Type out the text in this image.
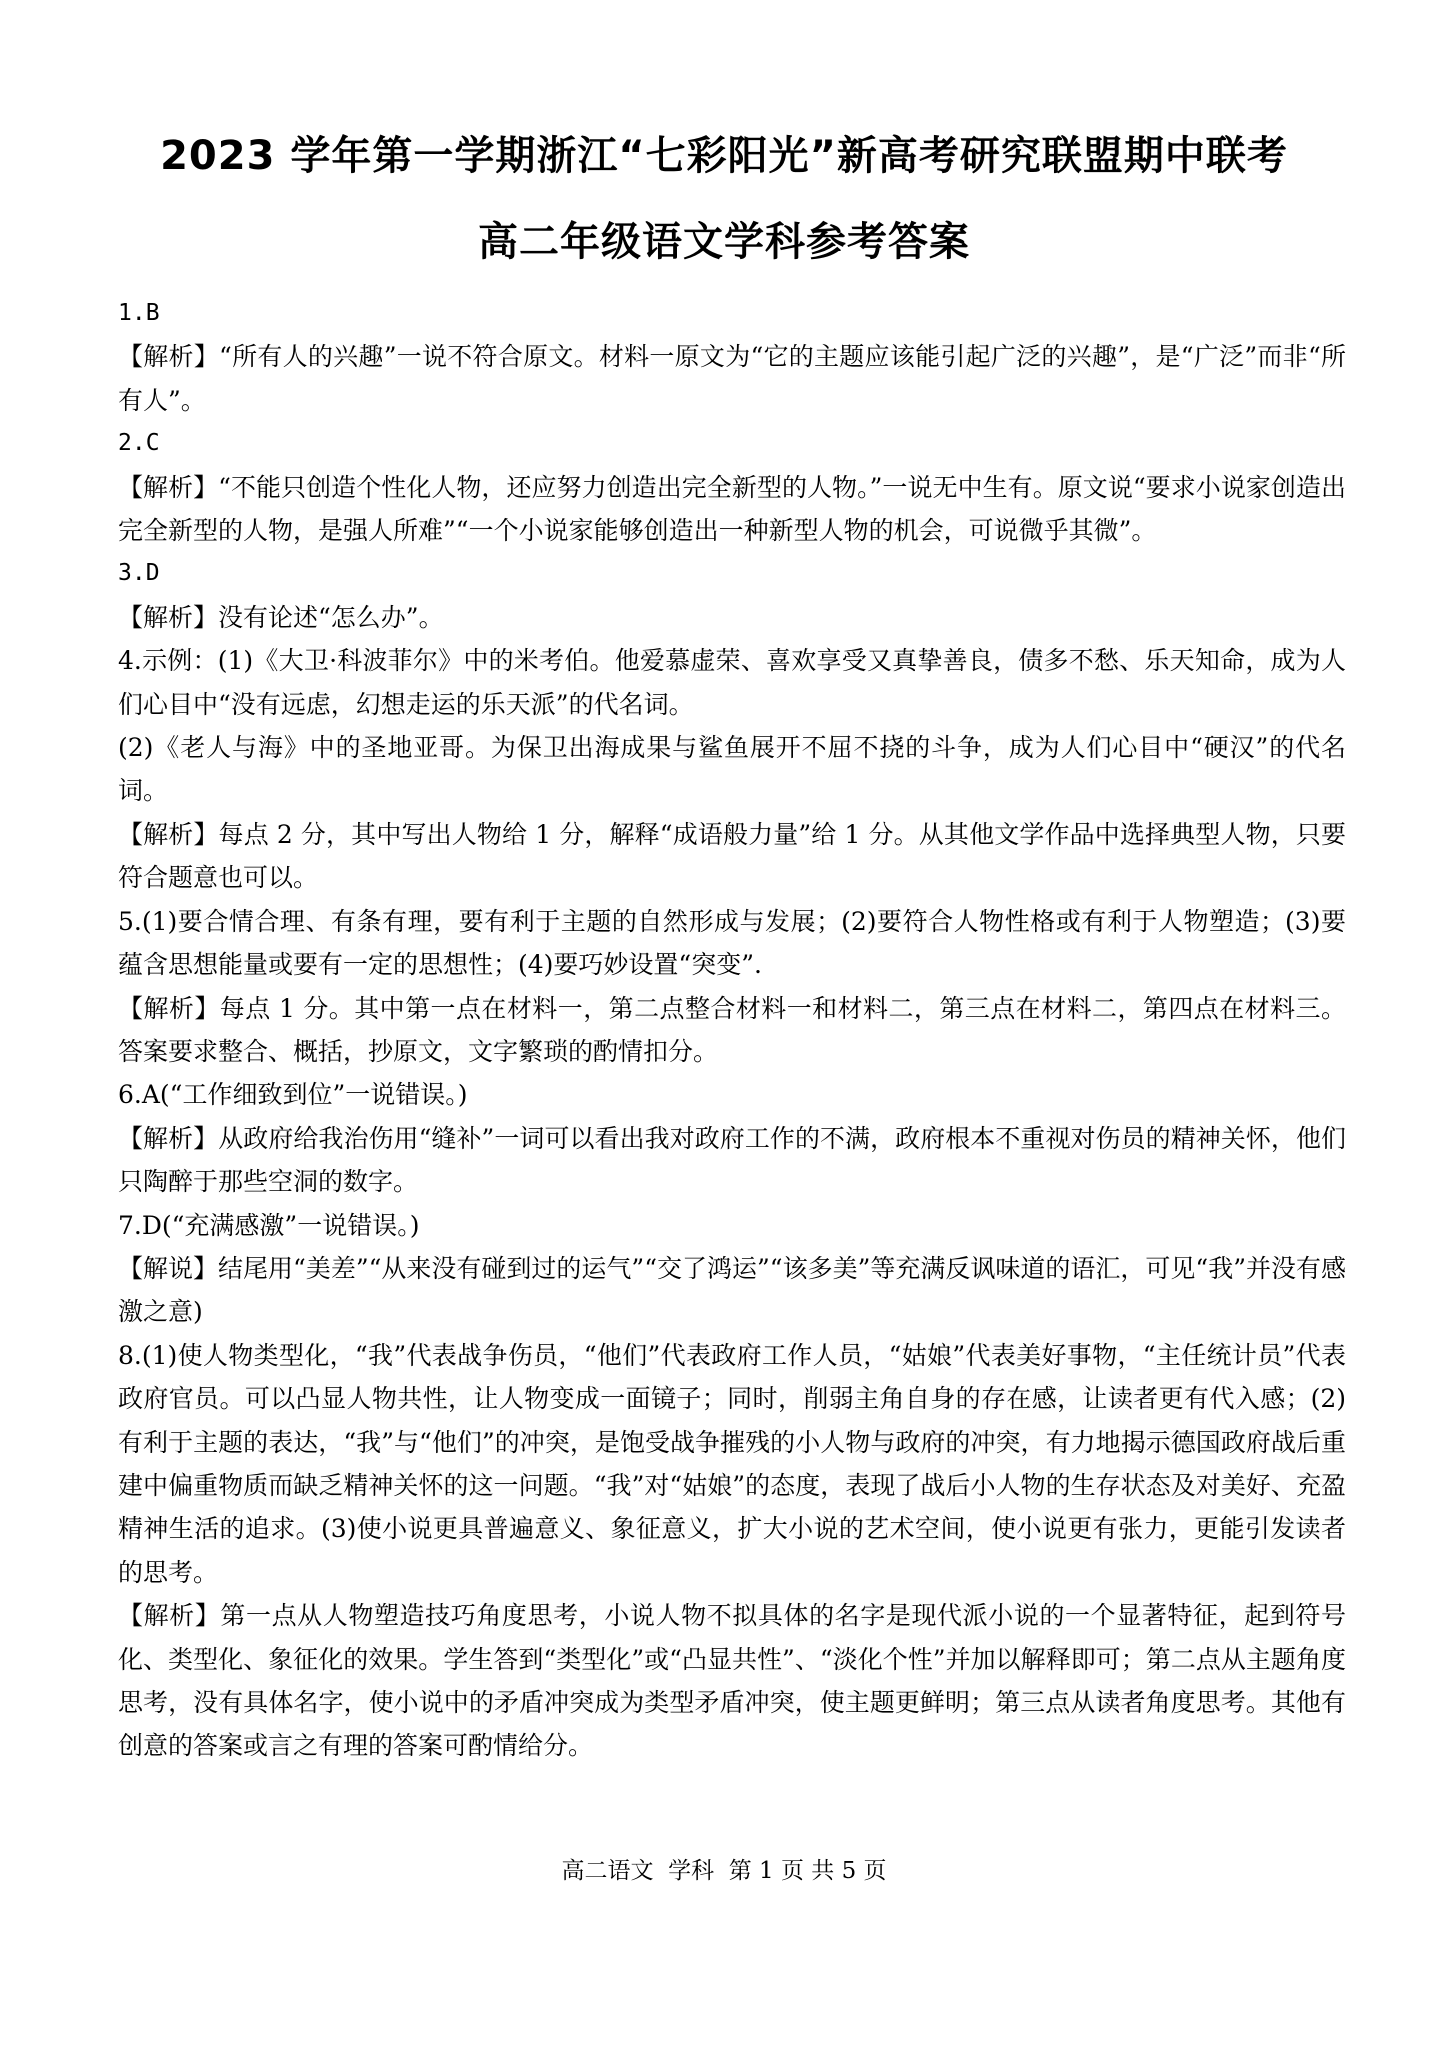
2023 学年第一学期浙江“七彩阳光”新高考研究联盟期中联考
高二年级语文学科参考答案

1.B

【解析】“所有人的兴趣”一说不符合原文。材料一原文为“它的主题应该能引起广泛的兴趣”，是“广泛”而非“所有人”。

2.C

【解析】“不能只创造个性化人物，还应努力创造出完全新型的人物。”一说无中生有。原文说“要求小说家创造出完全新型的人物，是强人所难”“一个小说家能够创造出一种新型人物的机会，可说微乎其微”。

3.D

【解析】没有论述“怎么办”。

4.示例：(1)《大卫·科波菲尔》中的米考伯。他爱慕虚荣、喜欢享受又真挚善良，债多不愁、乐天知命，成为人们心目中“没有远虑，幻想走运的乐天派”的代名词。

(2)《老人与海》中的圣地亚哥。为保卫出海成果与鲨鱼展开不屈不挠的斗争，成为人们心目中“硬汉”的代名词。

【解析】每点 2 分，其中写出人物给 1 分，解释“成语般力量”给 1 分。从其他文学作品中选择典型人物，只要符合题意也可以。

5.(1)要合情合理、有条有理，要有利于主题的自然形成与发展；(2)要符合人物性格或有利于人物塑造；(3)要蕴含思想能量或要有一定的思想性；(4)要巧妙设置“突变”.

【解析】每点 1 分。其中第一点在材料一，第二点整合材料一和材料二，第三点在材料二，第四点在材料三。答案要求整合、概括，抄原文，文字繁琐的酌情扣分。

6.A(“工作细致到位”一说错误。)

【解析】从政府给我治伤用“缝补”一词可以看出我对政府工作的不满，政府根本不重视对伤员的精神关怀，他们只陶醉于那些空洞的数字。

7.D(“充满感激”一说错误。)

【解说】结尾用“美差”“从来没有碰到过的运气”“交了鸿运”“该多美”等充满反讽味道的语汇，可见“我”并没有感激之意)

8.(1)使人物类型化，“我”代表战争伤员，“他们”代表政府工作人员，“姑娘”代表美好事物，“主任统计员”代表政府官员。可以凸显人物共性，让人物变成一面镜子；同时，削弱主角自身的存在感，让读者更有代入感；(2)有利于主题的表达，“我”与“他们”的冲突，是饱受战争摧残的小人物与政府的冲突，有力地揭示德国政府战后重建中偏重物质而缺乏精神关怀的这一问题。“我”对“姑娘”的态度，表现了战后小人物的生存状态及对美好、充盈精神生活的追求。(3)使小说更具普遍意义、象征意义，扩大小说的艺术空间，使小说更有张力，更能引发读者的思考。

【解析】第一点从人物塑造技巧角度思考，小说人物不拟具体的名字是现代派小说的一个显著特征，起到符号化、类型化、象征化的效果。学生答到“类型化”或“凸显共性”、“淡化个性”并加以解释即可；第二点从主题角度思考，没有具体名字，使小说中的矛盾冲突成为类型矛盾冲突，使主题更鲜明；第三点从读者角度思考。其他有创意的答案或言之有理的答案可酌情给分。

高二语文  学科  第 1 页 共 5 页
